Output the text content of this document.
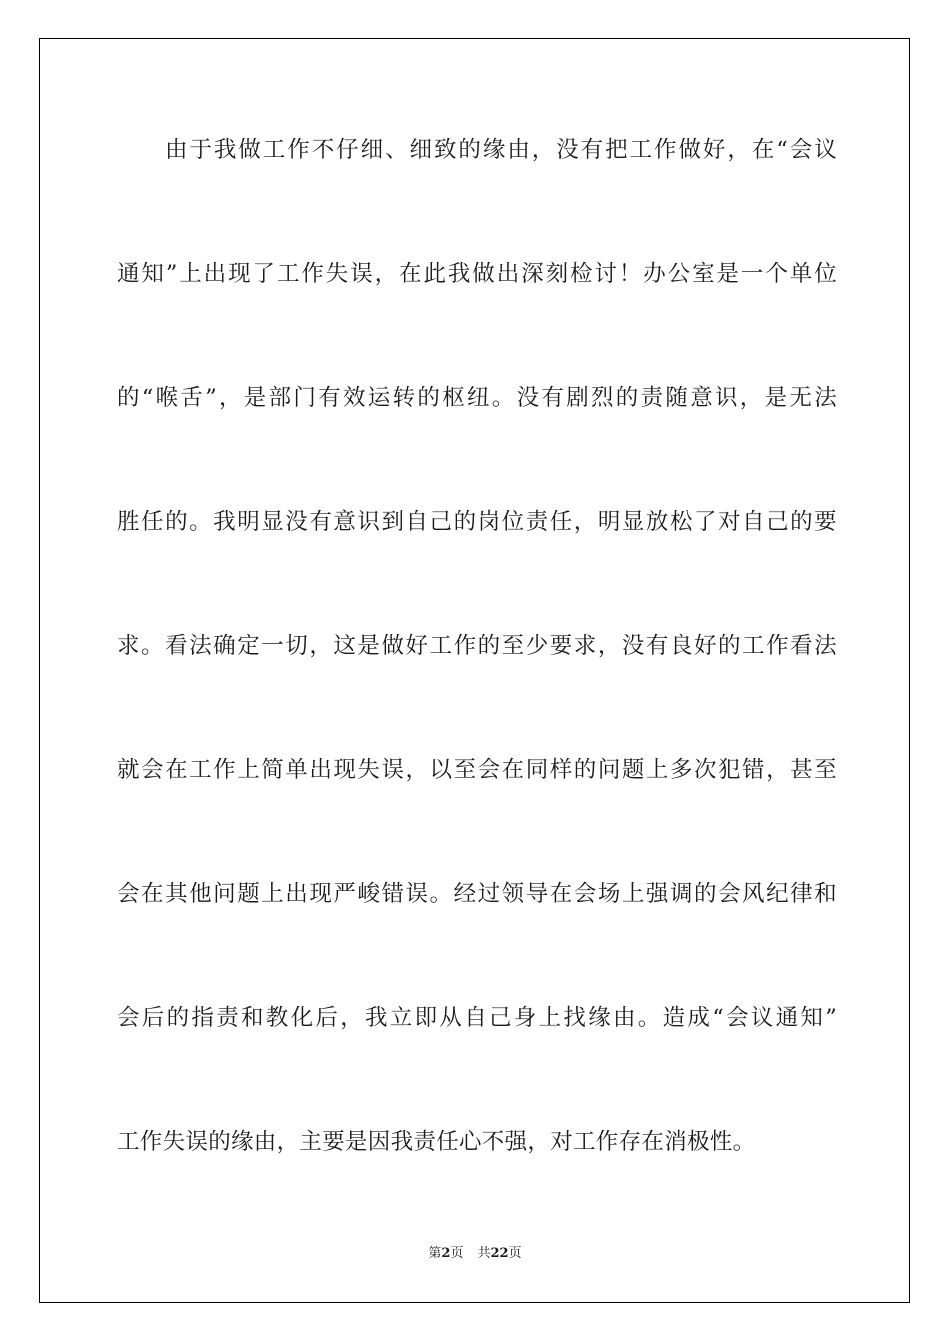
由于我做工作不仔细、细致的缘由，没有把工作做好，在“会议
通知”上出现了工作失误，在此我做出深刻检讨！办公室是一个单位
的“喉舌”，是部门有效运转的枢纽。没有剧烈的责随意识，是无法
胜任的。我明显没有意识到自己的岗位责任，明显放松了对自己的要
求。看法确定一切，这是做好工作的至少要求，没有良好的工作看法
就会在工作上简单出现失误，以至会在同样的问题上多次犯错，甚至
会在其他问题上出现严峻错误。经过领导在会场上强调的会风纪律和
会后的指责和教化后，我立即从自己身上找缘由。造成“会议通知”
工作失误的缘由，主要是因我责任心不强，对工作存在消极性。
第2页 共22页
